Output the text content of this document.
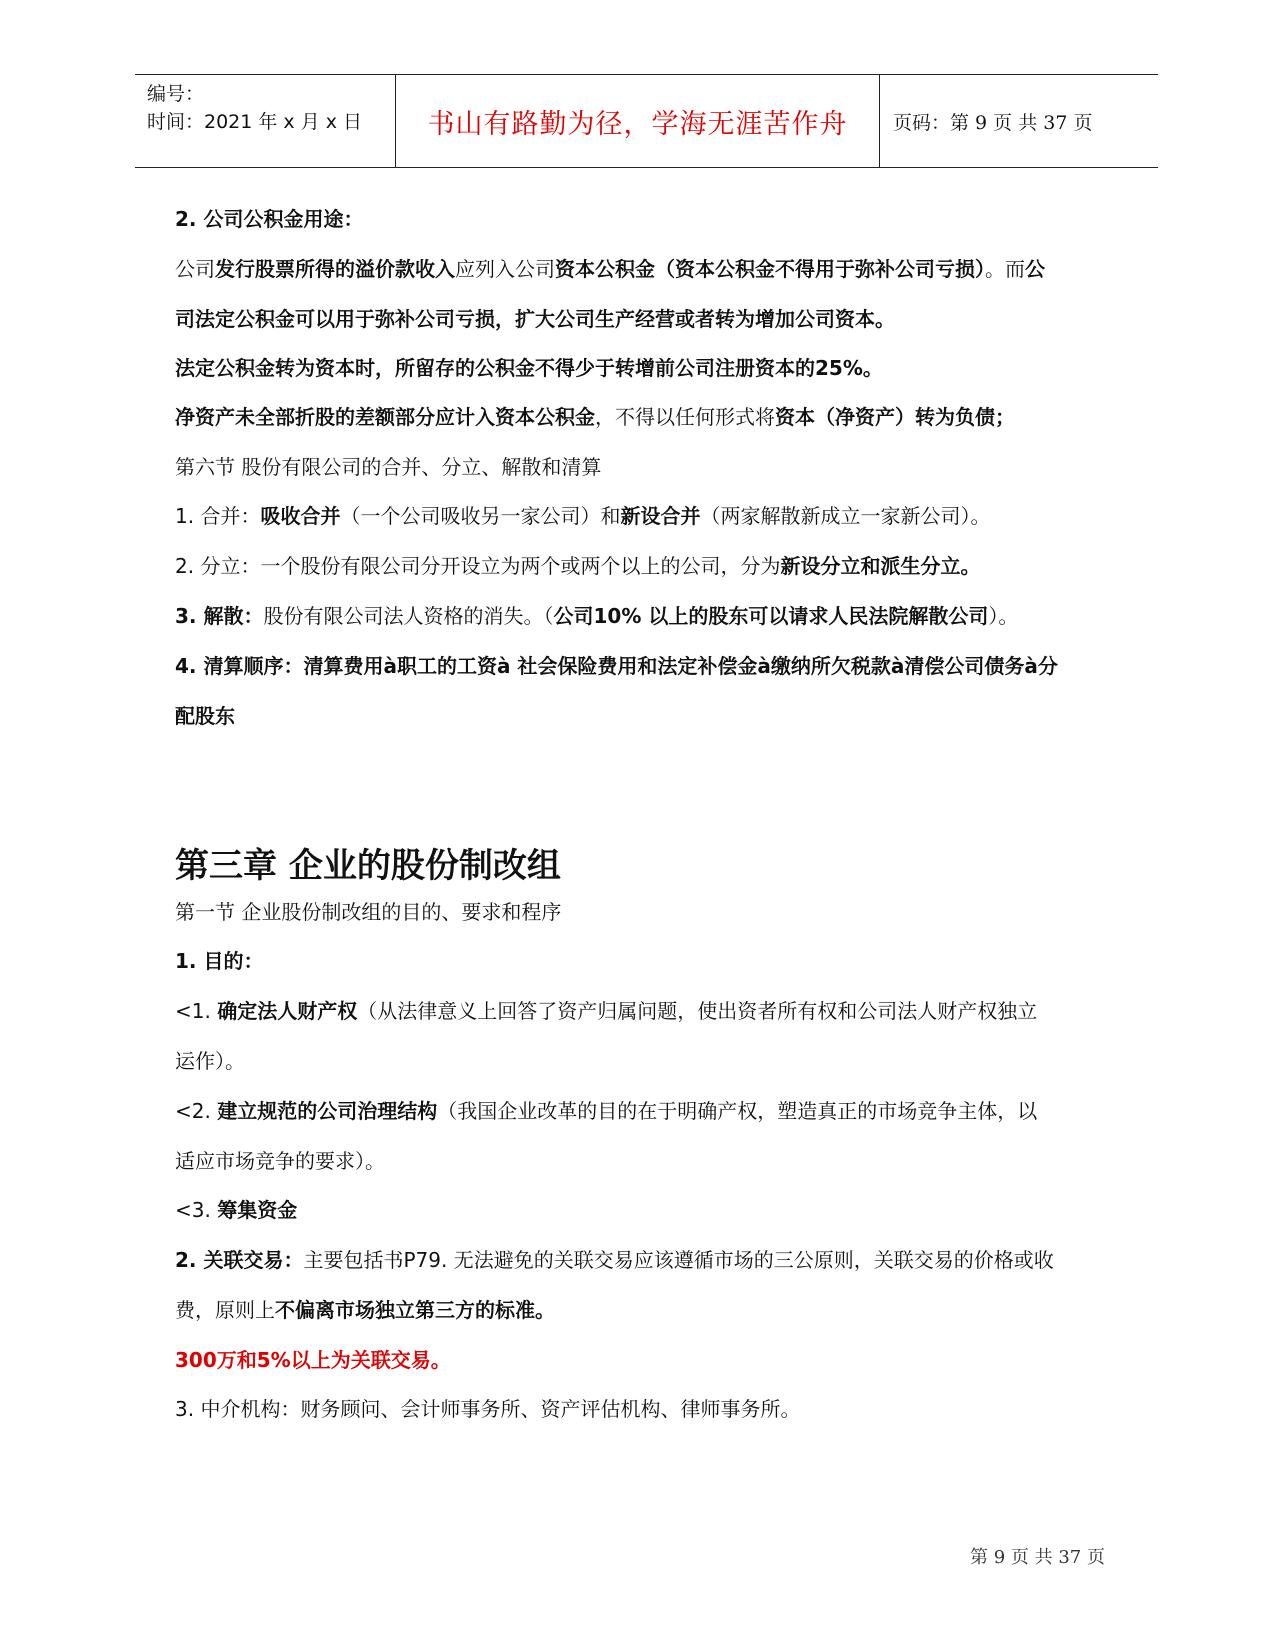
编号：
时间：2021 年 x 月 x 日 书山有路勤为径，学海无涯苦作舟 页码：第 9 页 共 37 页
2. 公司公积金用途：
公司发行股票所得的溢价款收入应列入公司资本公积金（资本公积金不得用于弥补公司亏损）。而公
司法定公积金可以用于弥补公司亏损，扩大公司生产经营或者转为增加公司资本。
法定公积金转为资本时，所留存的公积金不得少于转增前公司注册资本的25%。
净资产未全部折股的差额部分应计入资本公积金，不得以任何形式将资本（净资产）转为负债；
第六节 股份有限公司的合并、分立、解散和清算
1. 合并：吸收合并（一个公司吸收另一家公司）和新设合并（两家解散新成立一家新公司）。
2. 分立：一个股份有限公司分开设立为两个或两个以上的公司，分为新设分立和派生分立。
3. 解散：股份有限公司法人资格的消失。（公司10% 以上的股东可以请求人民法院解散公司）。
4. 清算顺序：清算费用à职工的工资à 社会保险费用和法定补偿金à缴纳所欠税款à清偿公司债务à分
配股东
第三章 企业的股份制改组
第一节 企业股份制改组的目的、要求和程序
1. 目的：
<1. 确定法人财产权（从法律意义上回答了资产归属问题，使出资者所有权和公司法人财产权独立
运作）。
<2. 建立规范的公司治理结构（我国企业改革的目的在于明确产权，塑造真正的市场竞争主体，以
适应市场竞争的要求）。
<3. 筹集资金
2. 关联交易：主要包括书P79. 无法避免的关联交易应该遵循市场的三公原则，关联交易的价格或收
费，原则上不偏离市场独立第三方的标准。
300万和5%以上为关联交易。
3. 中介机构：财务顾问、会计师事务所、资产评估机构、律师事务所。
第 9 页 共 37 页
